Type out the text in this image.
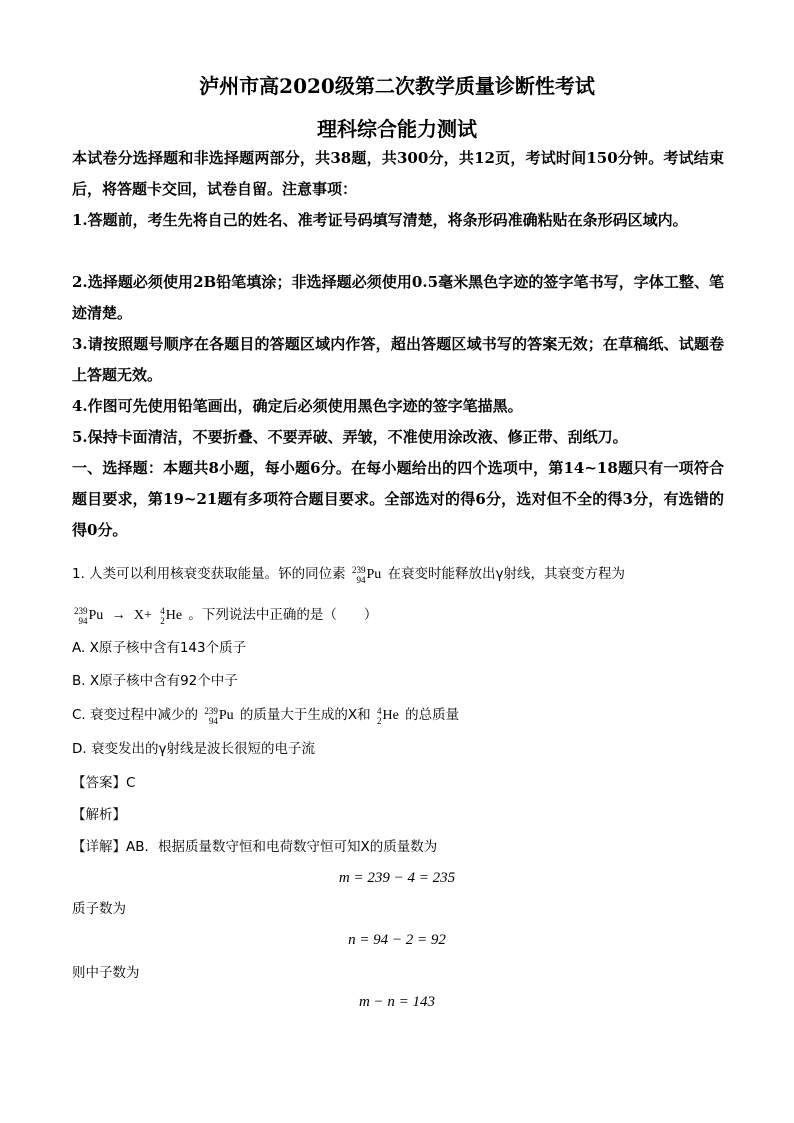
泸州市高2020级第二次教学质量诊断性考试
理科综合能力测试

本试卷分选择题和非选择题两部分，共38题，共300分，共12页，考试时间150分钟。考试结束后，将答题卡交回，试卷自留。注意事项：

1.答题前，考生先将自己的姓名、准考证号码填写清楚，将条形码准确粘贴在条形码区域内。

2.选择题必须使用2B铅笔填涂；非选择题必须使用0.5毫米黑色字迹的签字笔书写，字体工整、笔迹清楚。

3.请按照题号顺序在各题目的答题区域内作答，超出答题区域书写的答案无效；在草稿纸、试题卷上答题无效。

4.作图可先使用铅笔画出，确定后必须使用黑色字迹的签字笔描黑。

5.保持卡面清洁，不要折叠、不要弄破、弄皱，不准使用涂改液、修正带、刮纸刀。

一、选择题：本题共8小题，每小题6分。在每小题给出的四个选项中，第14~18题只有一项符合题目要求，第19~21题有多项符合题目要求。全部选对的得6分，选对但不全的得3分，有选错的得0分。

1. 人类可以利用核衰变获取能量。钚的同位素 239
94 Pu 在衰变时能释放出γ射线，其衰变方程为
239
94 Pu → X+ 4
2 He 。下列说法中正确的是（　　）
A. X原子核中含有143个质子
B. X原子核中含有92个中子
C. 衰变过程中减少的 239
94 Pu 的质量大于生成的X和 4
2 He 的总质量
D. 衰变发出的γ射线是波长很短的电子流
【答案】C
【解析】
【详解】AB．根据质量数守恒和电荷数守恒可知X的质量数为
m = 239 − 4 = 235
质子数为
n = 94 − 2 = 92
则中子数为
m − n = 143
